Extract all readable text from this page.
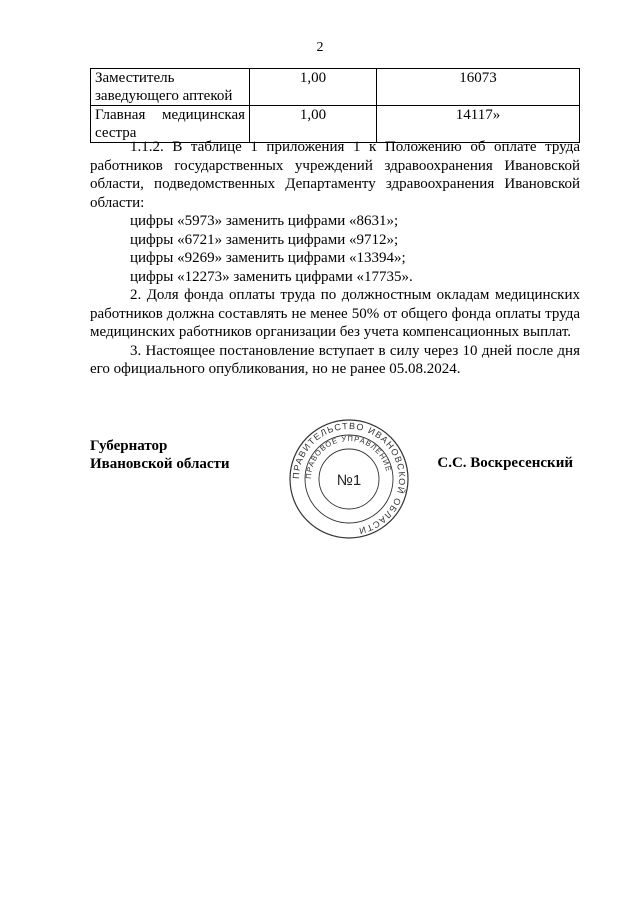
2
Заместитель заведующего аптекой	1,00	16073
Главная медицинская сестра	1,00	14117»

1.1.2. В таблице 1 приложения 1 к Положению об оплате труда работников государственных учреждений здравоохранения Ивановской области, подведомственных Департаменту здравоохранения Ивановской области:

цифры «5973» заменить цифрами «8631»;

цифры «6721» заменить цифрами «9712»;

цифры «9269» заменить цифрами «13394»;

цифры «12273» заменить цифрами «17735».

2. Доля фонда оплаты труда по должностным окладам медицинских работников должна составлять не менее 50% от общего фонда оплаты труда медицинских работников организации без учета компенсационных выплат.

3. Настоящее постановление вступает в силу через 10 дней после дня его официального опубликования, но не ранее 05.08.2024.

Губернатор
Ивановской области
ПРАВИТЕЛЬСТВО ИВАНОВСКОЙ ОБЛАСТИ
ПРАВОВОЕ УПРАВЛЕНИЕ
№1
С.С. Воскресенский
